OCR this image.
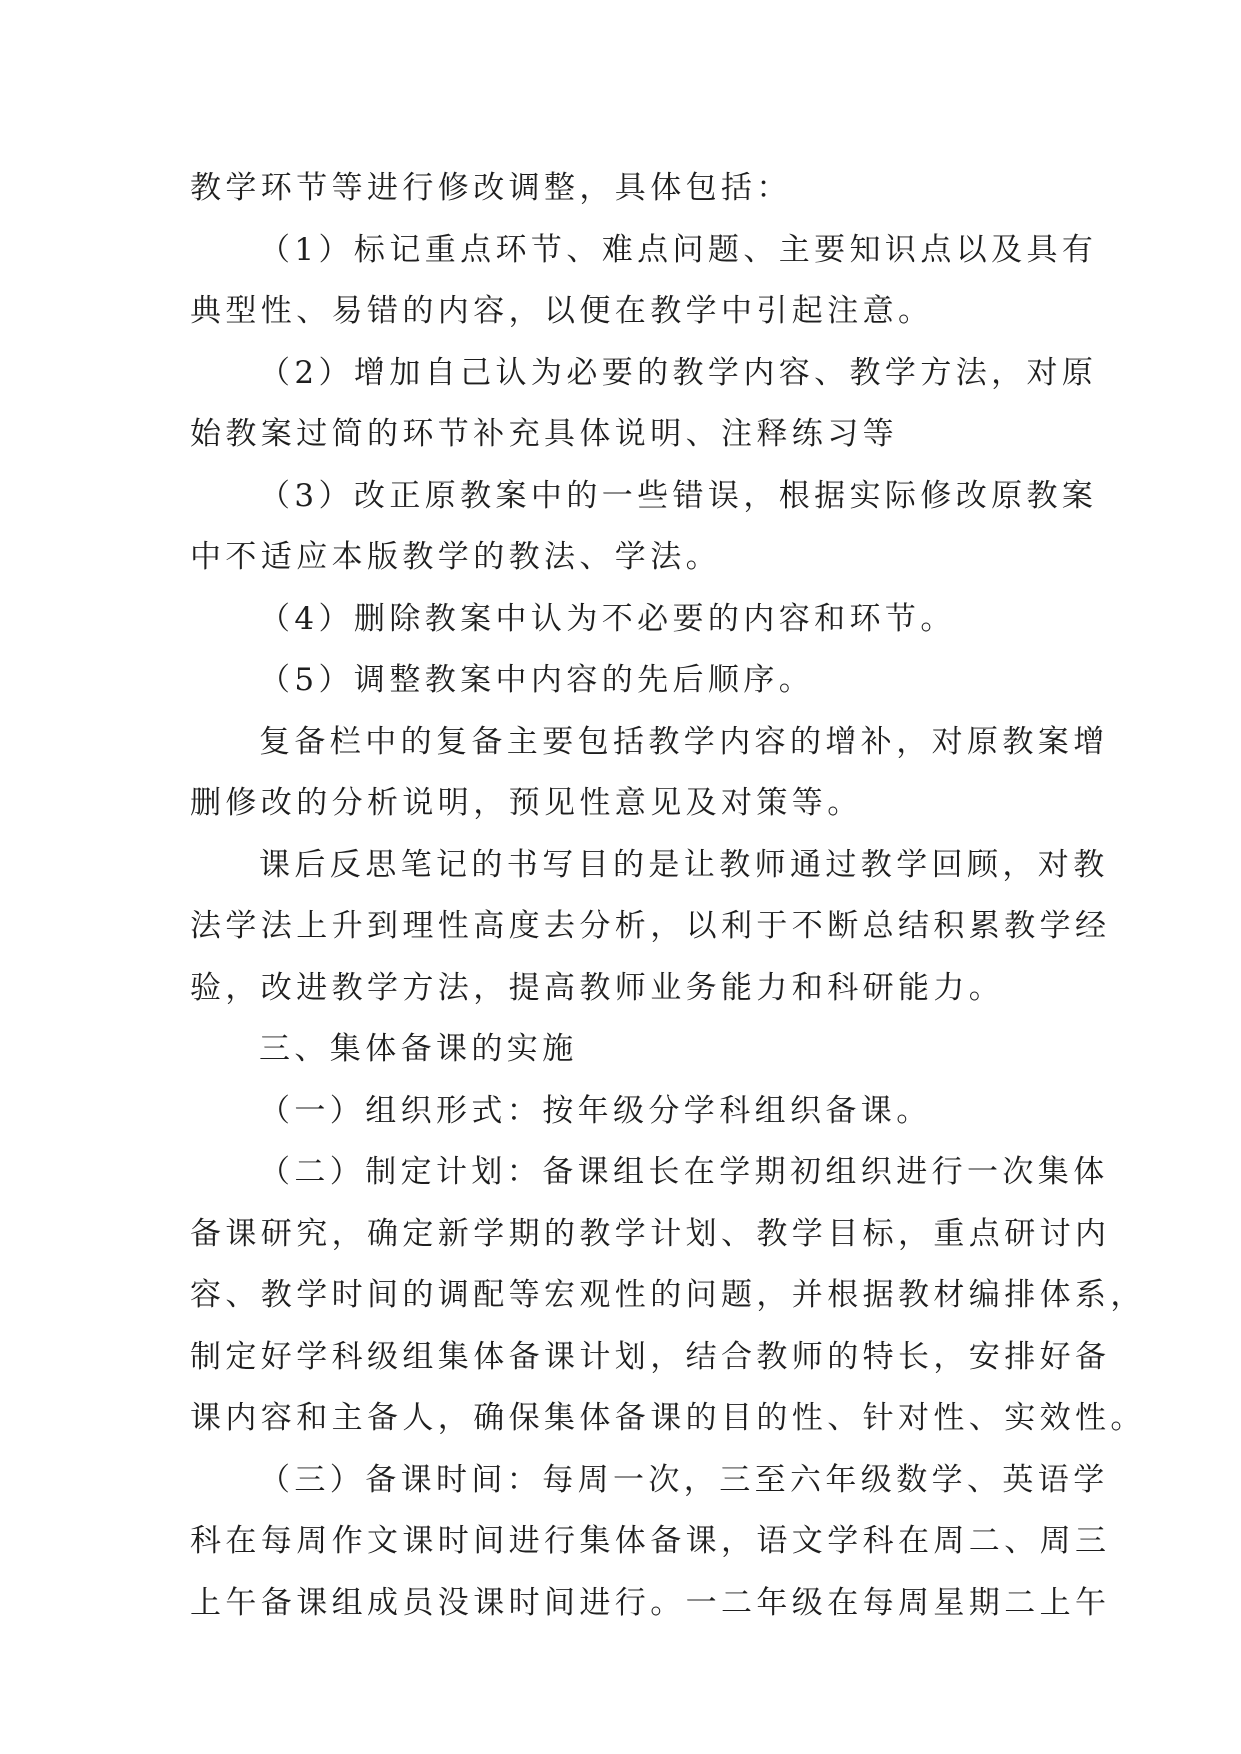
教学环节等进行修改调整，具体包括：
（1）标记重点环节、难点问题、主要知识点以及具有
典型性、易错的内容，以便在教学中引起注意。
（2）增加自己认为必要的教学内容、教学方法，对原
始教案过简的环节补充具体说明、注释练习等
（3）改正原教案中的一些错误，根据实际修改原教案
中不适应本版教学的教法、学法。
（4）删除教案中认为不必要的内容和环节。
（5）调整教案中内容的先后顺序。
复备栏中的复备主要包括教学内容的增补，对原教案增
删修改的分析说明，预见性意见及对策等。
课后反思笔记的书写目的是让教师通过教学回顾，对教
法学法上升到理性高度去分析，以利于不断总结积累教学经
验，改进教学方法，提高教师业务能力和科研能力。
三、集体备课的实施
（一）组织形式：按年级分学科组织备课。
（二）制定计划：备课组长在学期初组织进行一次集体
备课研究，确定新学期的教学计划、教学目标，重点研讨内
容、教学时间的调配等宏观性的问题，并根据教材编排体系，
制定好学科级组集体备课计划，结合教师的特长，安排好备
课内容和主备人，确保集体备课的目的性、针对性、实效性。
（三）备课时间：每周一次，三至六年级数学、英语学
科在每周作文课时间进行集体备课，语文学科在周二、周三
上午备课组成员没课时间进行。一二年级在每周星期二上午
